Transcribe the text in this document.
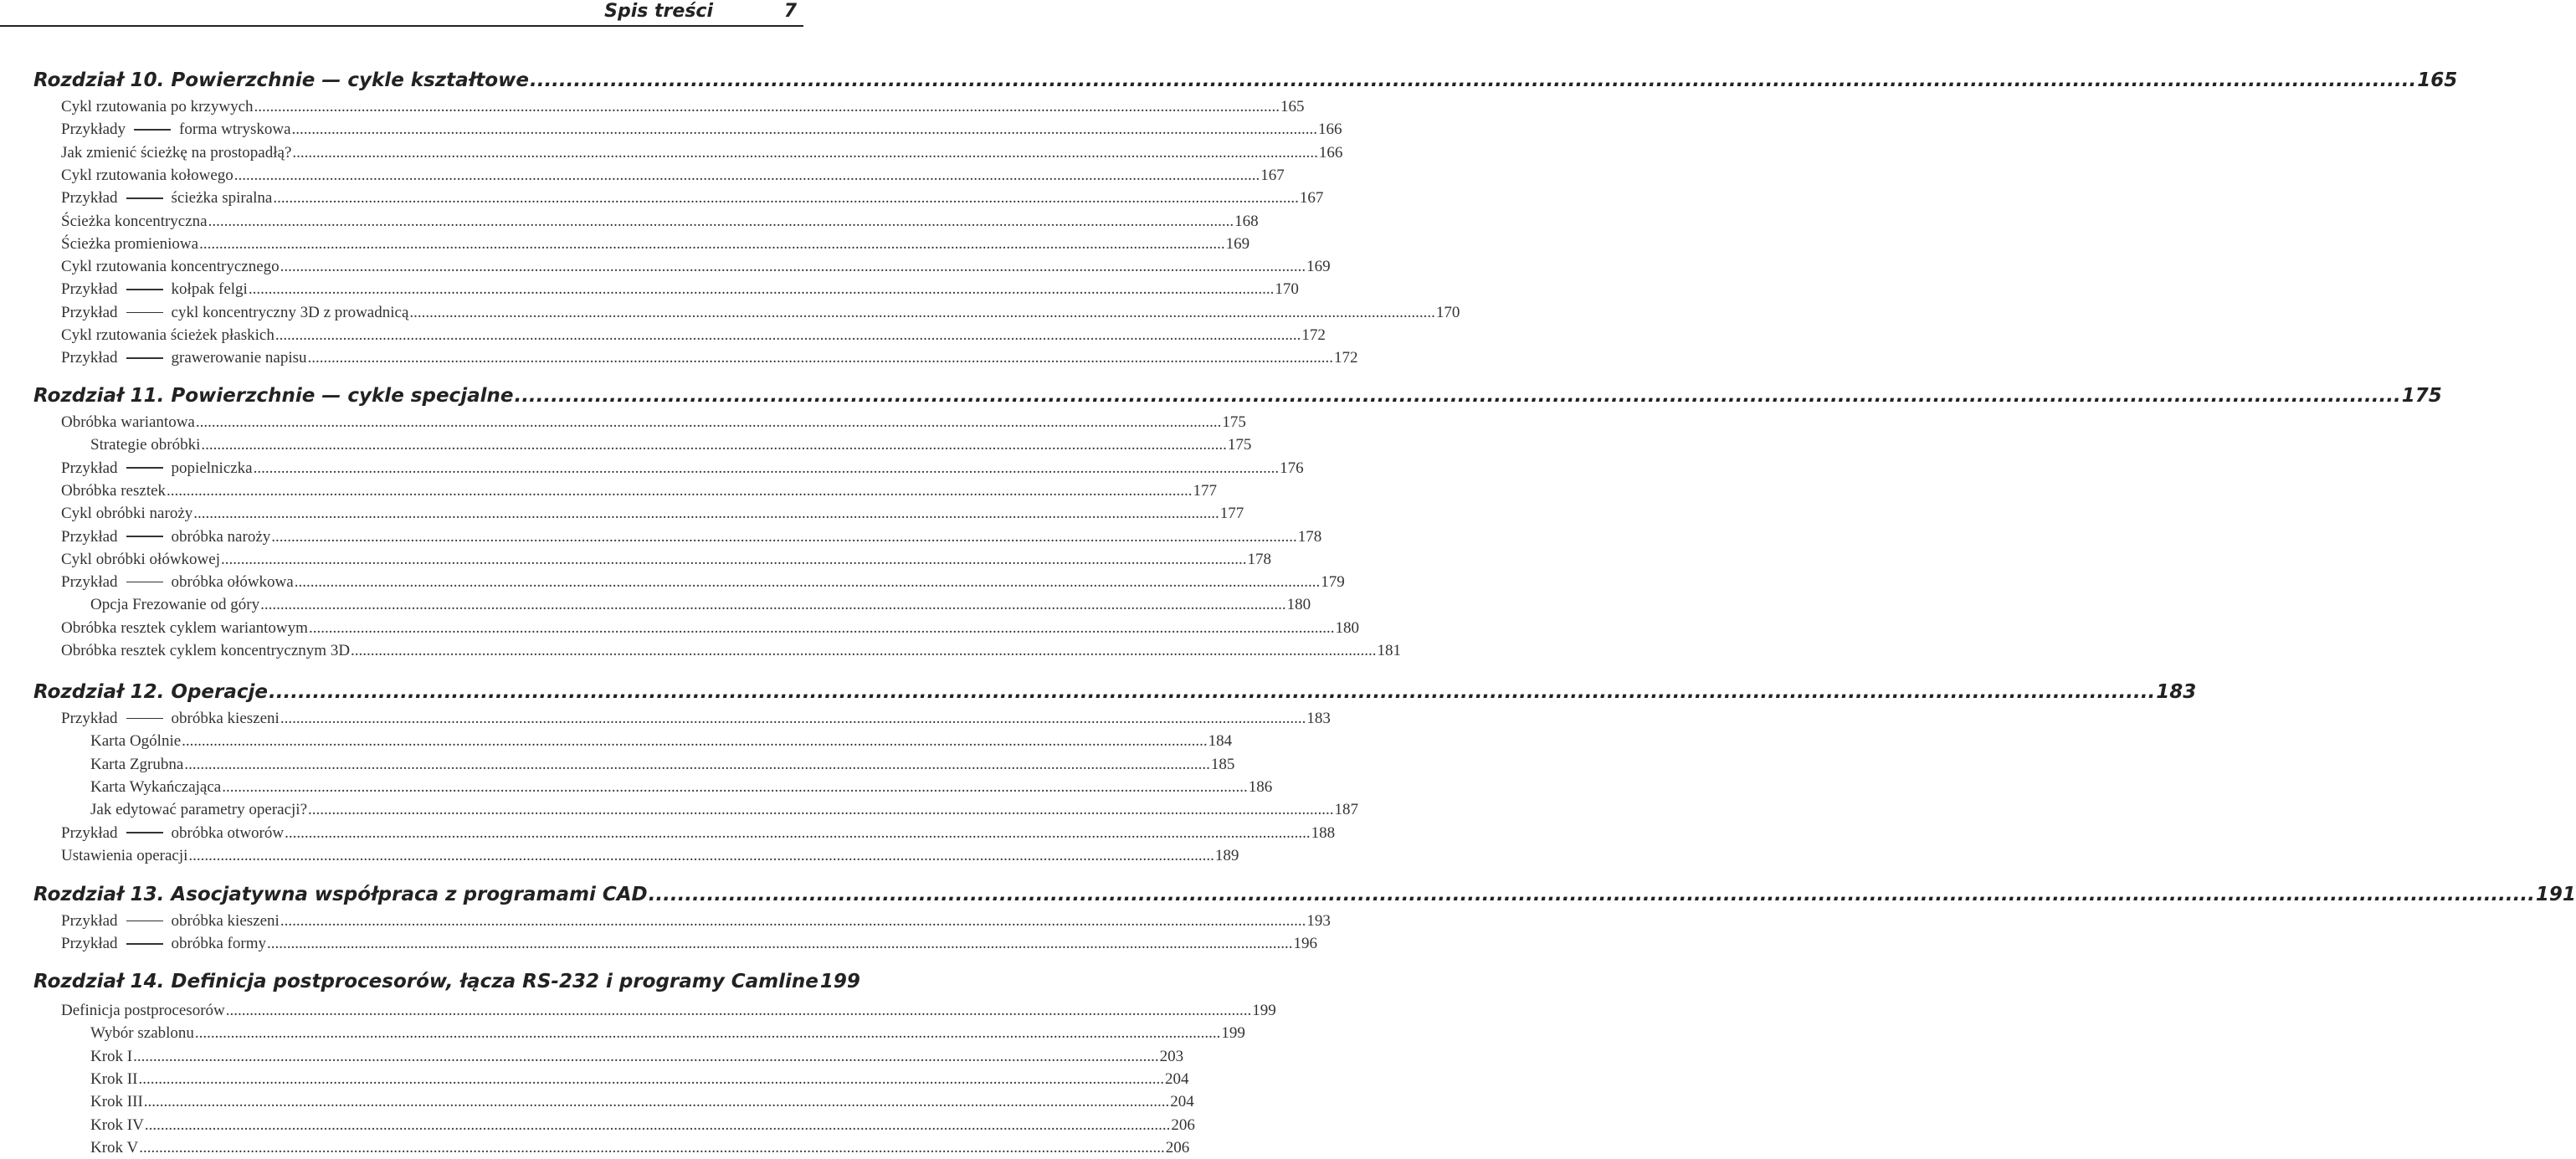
Spis treści	7
Rozdział 10. Powierzchnie — cykle kształtowe .....	165
Cykl rzutowania po krzywych .....	165
Przykłady	forma wtryskowa .....	166
Jak zmienić ścieżkę na prostopadłą? .....	166
Cykl rzutowania kołowego .....	167
Przykład	ścieżka spiralna .....	167
Ścieżka koncentryczna .....	168
Ścieżka promieniowa .....	169
Cykl rzutowania koncentrycznego .....	169
Przykład	kołpak felgi .....	170
Przykład	cykl koncentryczny 3D z prowadnicą .....	170
Cykl rzutowania ścieżek płaskich .....	172
Przykład	grawerowanie napisu .....	172
Rozdział 11. Powierzchnie — cykle specjalne .....	175
Obróbka wariantowa .....	175
Strategie obróbki .....	175
Przykład	popielniczka .....	176
Obróbka resztek .....	177
Cykl obróbki naroży .....	177
Przykład	obróbka naroży .....	178
Cykl obróbki ołówkowej .....	178
Przykład	obróbka ołówkowa .....	179
Opcja Frezowanie od góry .....	180
Obróbka resztek cyklem wariantowym .....	180
Obróbka resztek cyklem koncentrycznym 3D .....	181
Rozdział 12. Operacje .....	183
Przykład	obróbka kieszeni .....	183
Karta Ogólnie .....	184
Karta Zgrubna .....	185
Karta Wykańczająca .....	186
Jak edytować parametry operacji? .....	187
Przykład	obróbka otworów .....	188
Ustawienia operacji .....	189
Rozdział 13. Asocjatywna współpraca z programami CAD .....	191
Przykład	obróbka kieszeni .....	193
Przykład	obróbka formy .....	196
Rozdział 14. Definicja postprocesorów, łącza RS-232 i programy Camline 199
Definicja postprocesorów .....	199
Wybór szablonu .....	199
Krok I .....	203
Krok II .....	204
Krok III .....	204
Krok IV .....	206
Krok V .....	206
